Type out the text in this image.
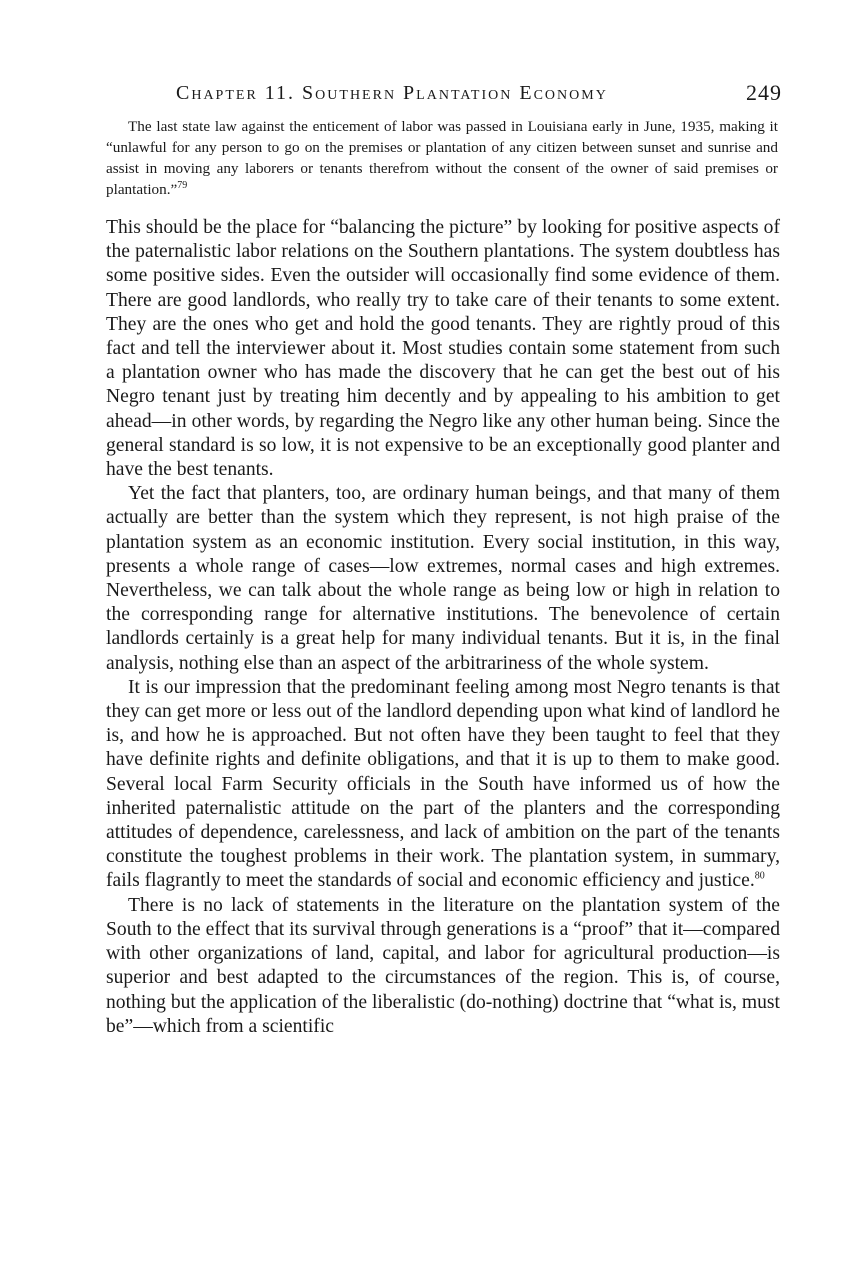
Chapter 11. Southern Plantation Economy	249
The last state law against the enticement of labor was passed in Louisiana early in June, 1935, making it “unlawful for any person to go on the premises or plantation of any citizen between sunset and sunrise and assist in moving any laborers or tenants therefrom without the consent of the owner of said premises or plantation.”$^{79}$

This should be the place for “balancing the picture” by looking for positive aspects of the paternalistic labor relations on the Southern plantations. The system doubtless has some positive sides. Even the outsider will occasionally find some evidence of them. There are good landlords, who really try to take care of their tenants to some extent. They are the ones who get and hold the good tenants. They are rightly proud of this fact and tell the interviewer about it. Most studies contain some statement from such a plantation owner who has made the discovery that he can get the best out of his Negro tenant just by treating him decently and by appealing to his ambition to get ahead—in other words, by regarding the Negro like any other human being. Since the general standard is so low, it is not expensive to be an exceptionally good planter and have the best tenants.

Yet the fact that planters, too, are ordinary human beings, and that many of them actually are better than the system which they represent, is not high praise of the plantation system as an economic institution. Every social institution, in this way, presents a whole range of cases—low extremes, normal cases and high extremes. Nevertheless, we can talk about the whole range as being low or high in relation to the corresponding range for alternative institutions. The benevolence of certain landlords certainly is a great help for many individual tenants. But it is, in the final analysis, nothing else than an aspect of the arbitrariness of the whole system.

It is our impression that the predominant feeling among most Negro tenants is that they can get more or less out of the landlord depending upon what kind of landlord he is, and how he is approached. But not often have they been taught to feel that they have definite rights and definite obligations, and that it is up to them to make good. Several local Farm Security officials in the South have informed us of how the inherited paternalistic attitude on the part of the planters and the corresponding attitudes of dependence, carelessness, and lack of ambition on the part of the tenants constitute the toughest problems in their work. The plantation system, in summary, fails flagrantly to meet the standards of social and economic efficiency and justice.$^{80}$

There is no lack of statements in the literature on the plantation system of the South to the effect that its survival through generations is a “proof” that it—compared with other organizations of land, capital, and labor for agricultural production—is superior and best adapted to the circumstances of the region. This is, of course, nothing but the application of the liberalistic (do-nothing) doctrine that “what is, must be”—which from a scientific
